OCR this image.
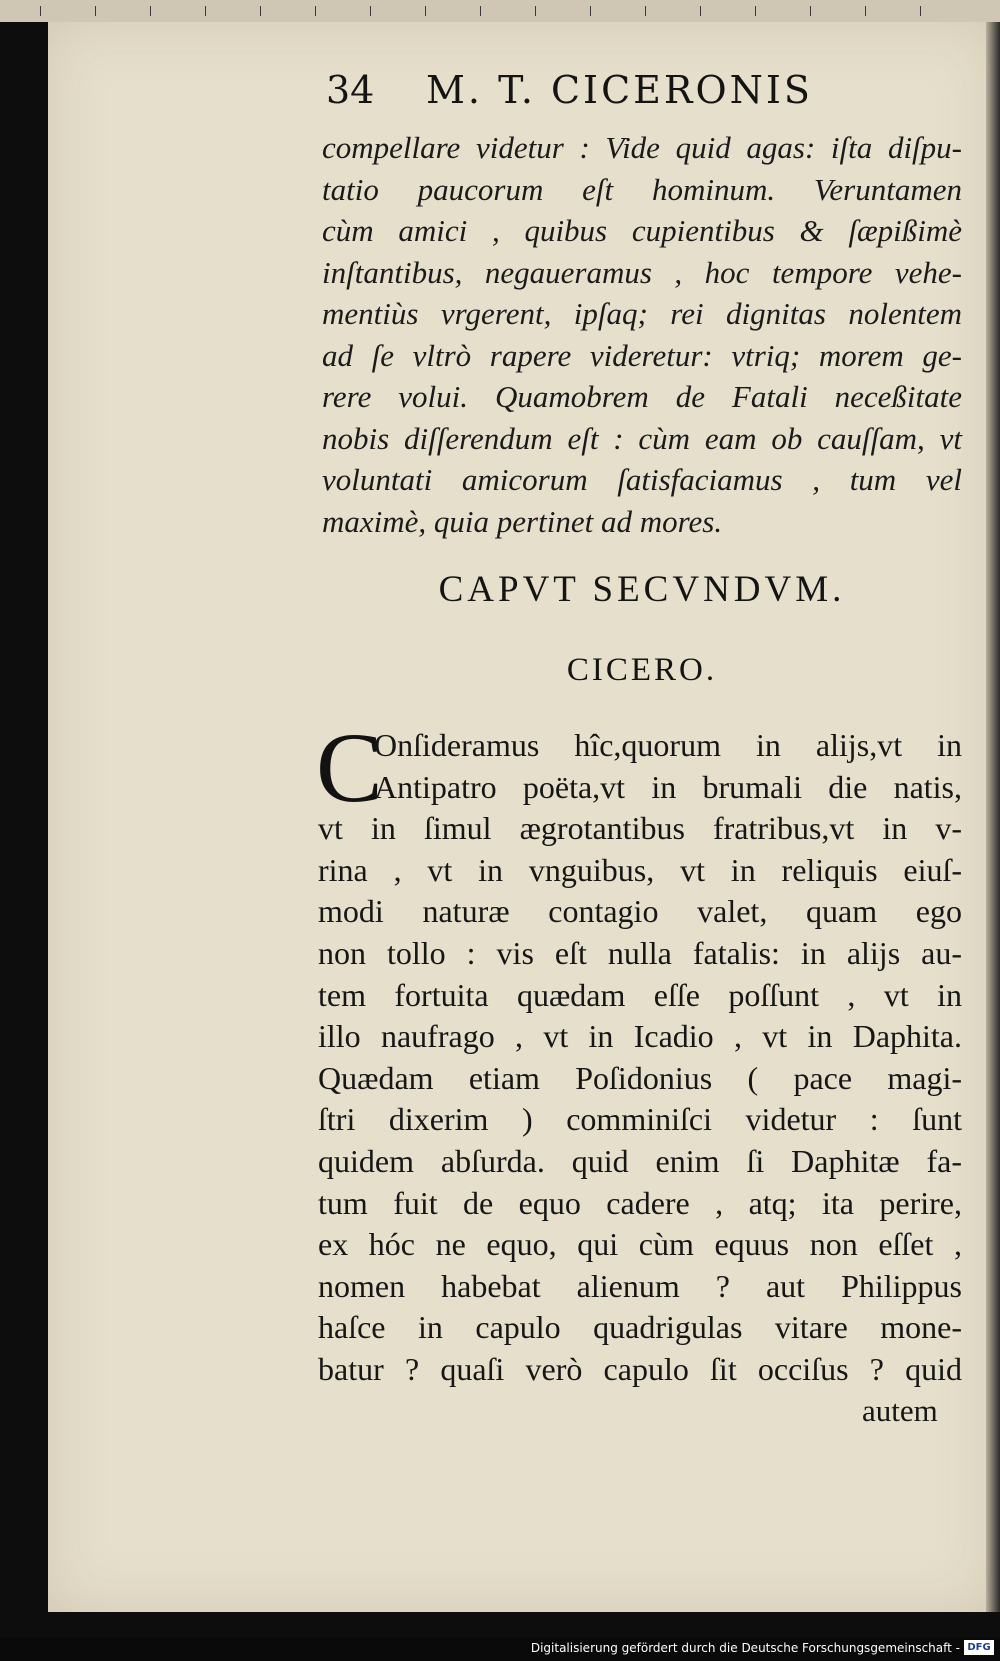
34 M. T. CICERONIS
compellare videtur : Vide quid agas: iſta diſpu-
tatio paucorum eſt hominum. Veruntamen
cùm amici , quibus cupientibus & ſæpißimè
inſtantibus, negaueramus , hoc tempore vehe-
mentiùs vrgerent, ipſaq; rei dignitas nolentem
ad ſe vltrò rapere videretur: vtriq; morem ge-
rere volui. Quamobrem de Fatali neceßitate
nobis diſſerendum eſt : cùm eam ob cauſſam, vt
voluntati amicorum ſatisfaciamus , tum vel
maximè, quia pertinet ad mores.
CAPVT SECVNDVM.
CICERO.
C
Onſideramus hîc,quorum in alijs,vt in
Antipatro poëta,vt in brumali die natis,
vt in ſimul ægrotantibus fratribus,vt in v-
rina , vt in vnguibus, vt in reliquis eiuſ-
modi naturæ contagio valet, quam ego
non tollo : vis eſt nulla fatalis: in alijs au-
tem fortuita quædam eſſe poſſunt , vt in
illo naufrago , vt in Icadio , vt in Daphita.
Quædam etiam Poſidonius ( pace magi-
ſtri dixerim ) comminiſci videtur : ſunt
quidem abſurda. quid enim ſi Daphitæ fa-
tum fuit de equo cadere , atq; ita perire,
ex hóc ne equo, qui cùm equus non eſſet ,
nomen habebat alienum ? aut Philippus
haſce in capulo quadrigulas vitare mone-
batur ? quaſi verò capulo ſit occiſus ? quid
autem
Digitalisierung gefördert durch die Deutsche Forschungsgemeinschaft - DFG
